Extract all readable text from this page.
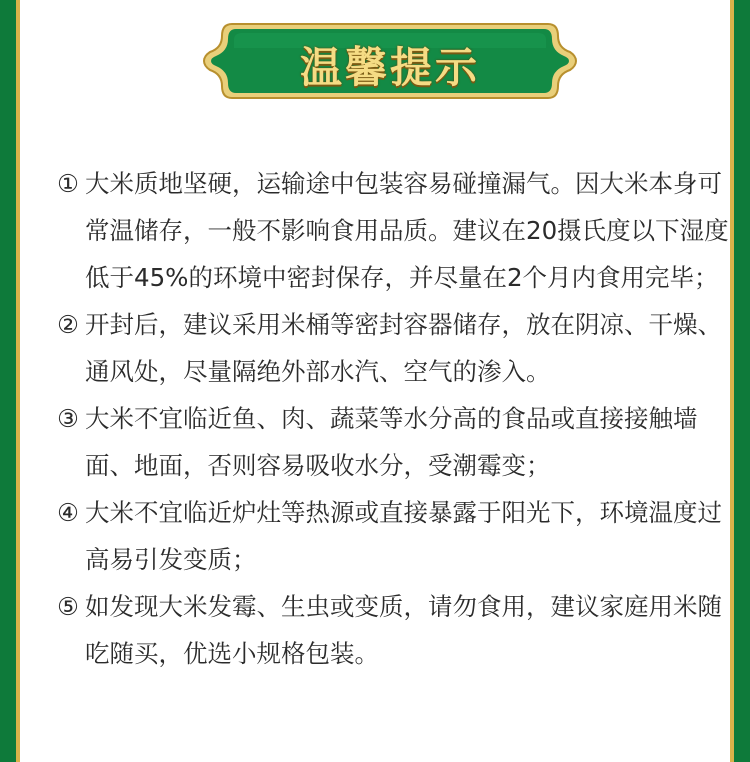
温馨提示
① 大米质地坚硬，运输途中包装容易碰撞漏气。因大米本身可常温储存，一般不影响食用品质。建议在20摄氏度以下湿度低于45%的环境中密封保存，并尽量在2个月内食用完毕；
② 开封后，建议采用米桶等密封容器储存，放在阴凉、干燥、通风处，尽量隔绝外部水汽、空气的渗入。
③ 大米不宜临近鱼、肉、蔬菜等水分高的食品或直接接触墙面、地面，否则容易吸收水分，受潮霉变；
④ 大米不宜临近炉灶等热源或直接暴露于阳光下，环境温度过高易引发变质；
⑤ 如发现大米发霉、生虫或变质，请勿食用，建议家庭用米随吃随买，优选小规格包装。
